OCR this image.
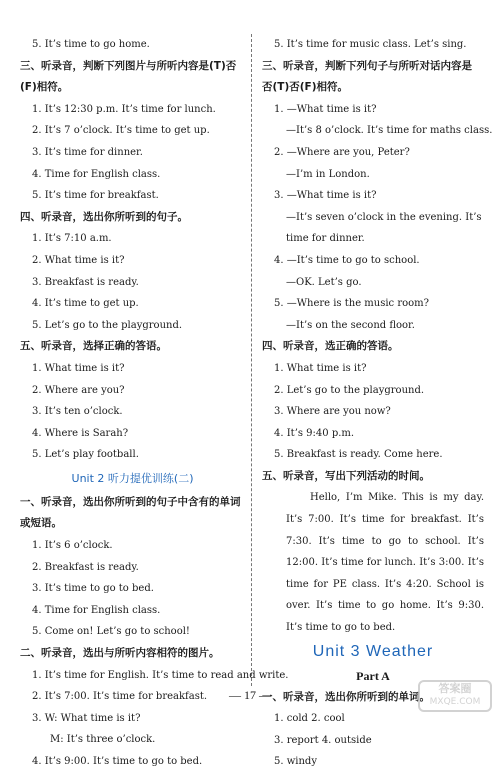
5. It’s time to go home.
三、听录音，判断下列图片与所听内容是(T)否
(F)相符。
1. It’s 12:30 p.m. It’s time for lunch.
2. It’s 7 o’clock. It’s time to get up.
3. It’s time for dinner.
4. Time for English class.
5. It’s time for breakfast.
四、听录音，选出你所听到的句子。
1. It’s 7:10 a.m.
2. What time is it?
3. Breakfast is ready.
4. It’s time to get up.
5. Let’s go to the playground.
五、听录音，选择正确的答语。
1. What time is it?
2. Where are you?
3. It’s ten o’clock.
4. Where is Sarah?
5. Let’s play football.
Unit 2 听力提优训练(二)
一、听录音，选出你所听到的句子中含有的单词
或短语。
1. It’s 6 o’clock.
2. Breakfast is ready.
3. It’s time to go to bed.
4. Time for English class.
5. Come on! Let’s go to school!
二、听录音，选出与所听内容相符的图片。
1. It’s time for English. It’s time to read and write.
2. It’s 7:00. It’s time for breakfast.
3. W: What time is it?
M: It’s three o’clock.
4. It’s 9:00. It’s time to go to bed.
5. It’s time for music class. Let’s sing.
三、听录音，判断下列句子与所听对话内容是
否(T)否(F)相符。
1. —What time is it?
—It’s 8 o’clock. It’s time for maths class.
2. —Where are you, Peter?
—I’m in London.
3. —What time is it?
—It’s seven o’clock in the evening. It’s
time for dinner.
4. —It’s time to go to school.
—OK. Let’s go.
5. —Where is the music room?
—It’s on the second floor.
四、听录音，选正确的答语。
1. What time is it?
2. Let’s go to the playground.
3. Where are you now?
4. It’s 9:40 p.m.
5. Breakfast is ready. Come here.
五、听录音，写出下列活动的时间。
Hello, I’m Mike. This is my day. It’s 7:00. It’s time for breakfast. It’s 7:30. It’s time to go to school. It’s 12:00. It’s time for lunch. It’s 3:00. It’s time for PE class. It’s 4:20. School is over. It’s time to go home. It’s 9:30. It’s time to go to bed.
Unit 3 Weather
Part A
一、听录音，选出你所听到的单词。
1. cold 2. cool
3. report 4. outside
5. windy
— 17 —	答案圈
MXQE.COM
